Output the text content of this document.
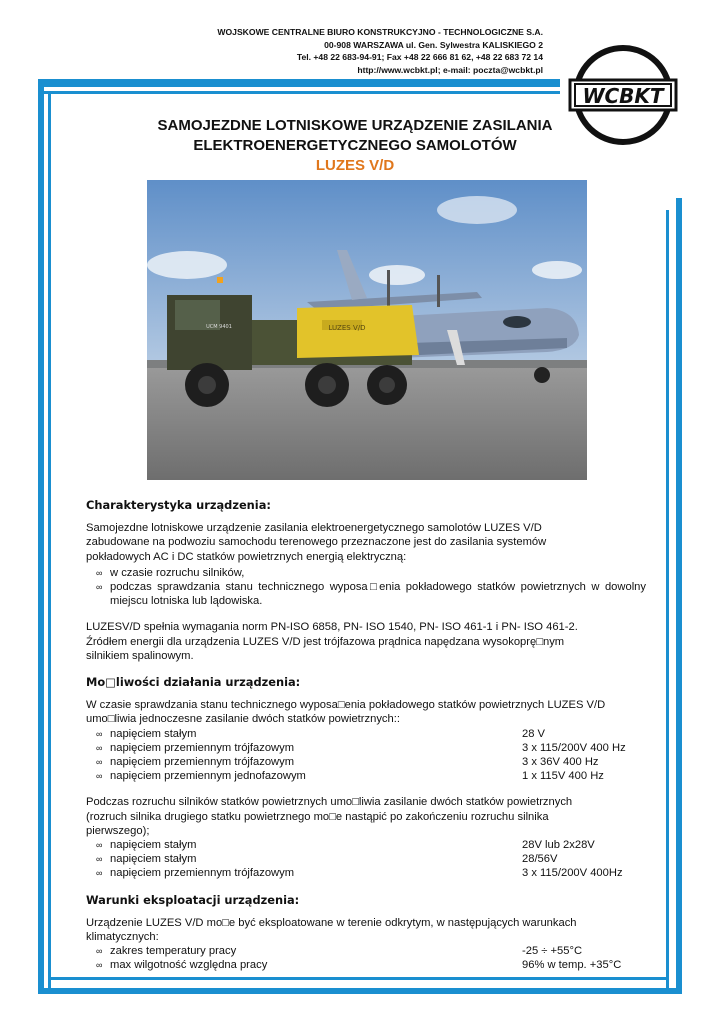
WOJSKOWE CENTRALNE BIURO KONSTRUKCYJNO - TECHNOLOGICZNE S.A.
00-908 WARSZAWA ul. Gen. Sylwestra KALISKIEGO 2
Tel. +48 22 683-94-91; Fax +48 22 666 81 62, +48 22 683 72 14
http://www.wcbkt.pl; e-mail: poczta@wcbkt.pl
WCBKT
SAMOJEZDNE LOTNISKOWE URZĄDZENIE ZASILANIA
ELEKTROENERGETYCZNEGO SAMOLOTÓW
LUZES V/D
LUZES V/D
UCM 9401
Charakterystyka urządzenia:

Samojezdne lotniskowe urządzenie zasilania elektroenergetycznego samolotów LUZES V/D

zabudowane na podwoziu samochodu terenowego przeznaczone jest do zasilania systemów

pokładowych AC i DC statków powietrznych energią elektryczną:

∞ w czasie rozruchu silników,
∞ podczas sprawdzania stanu technicznego wyposa□enia pokładowego statków powietrznych w dowolny miejscu lotniska lub lądowiska.

LUZESV/D spełnia wymagania norm PN-ISO 6858, PN- ISO 1540, PN- ISO 461-1 i PN- ISO 461-2.

Źródłem energii dla urządzenia LUZES V/D jest trójfazowa prądnica napędzana wysokoprę□nym

silnikiem spalinowym.

Mo□liwości działania urządzenia:

W czasie sprawdzania stanu technicznego wyposa□enia pokładowego statków powietrznych LUZES V/D

umo□liwia jednoczesne zasilanie dwóch statków powietrznych::

∞ napięciem stałym	28 V
∞ napięciem przemiennym trójfazowym	3 x 115/200V 400 Hz
∞ napięciem przemiennym trójfazowym	3 x 36V 400 Hz
∞ napięciem przemiennym jednofazowym	1 x 115V 400 Hz

Podczas rozruchu silników statków powietrznych umo□liwia zasilanie dwóch statków powietrznych

(rozruch silnika drugiego statku powietrznego mo□e nastąpić po zakończeniu rozruchu silnika

pierwszego);

∞ napięciem stałym	28V lub 2x28V
∞ napięciem stałym	28/56V
∞ napięciem przemiennym trójfazowym	3 x 115/200V 400Hz
Warunki eksploatacji urządzenia:

Urządzenie LUZES V/D mo□e być eksploatowane w terenie odkrytym, w następujących warunkach

klimatycznych:

∞ zakres temperatury pracy	-25 ÷ +55°C
∞ max wilgotność względna pracy	96% w temp. +35°C
